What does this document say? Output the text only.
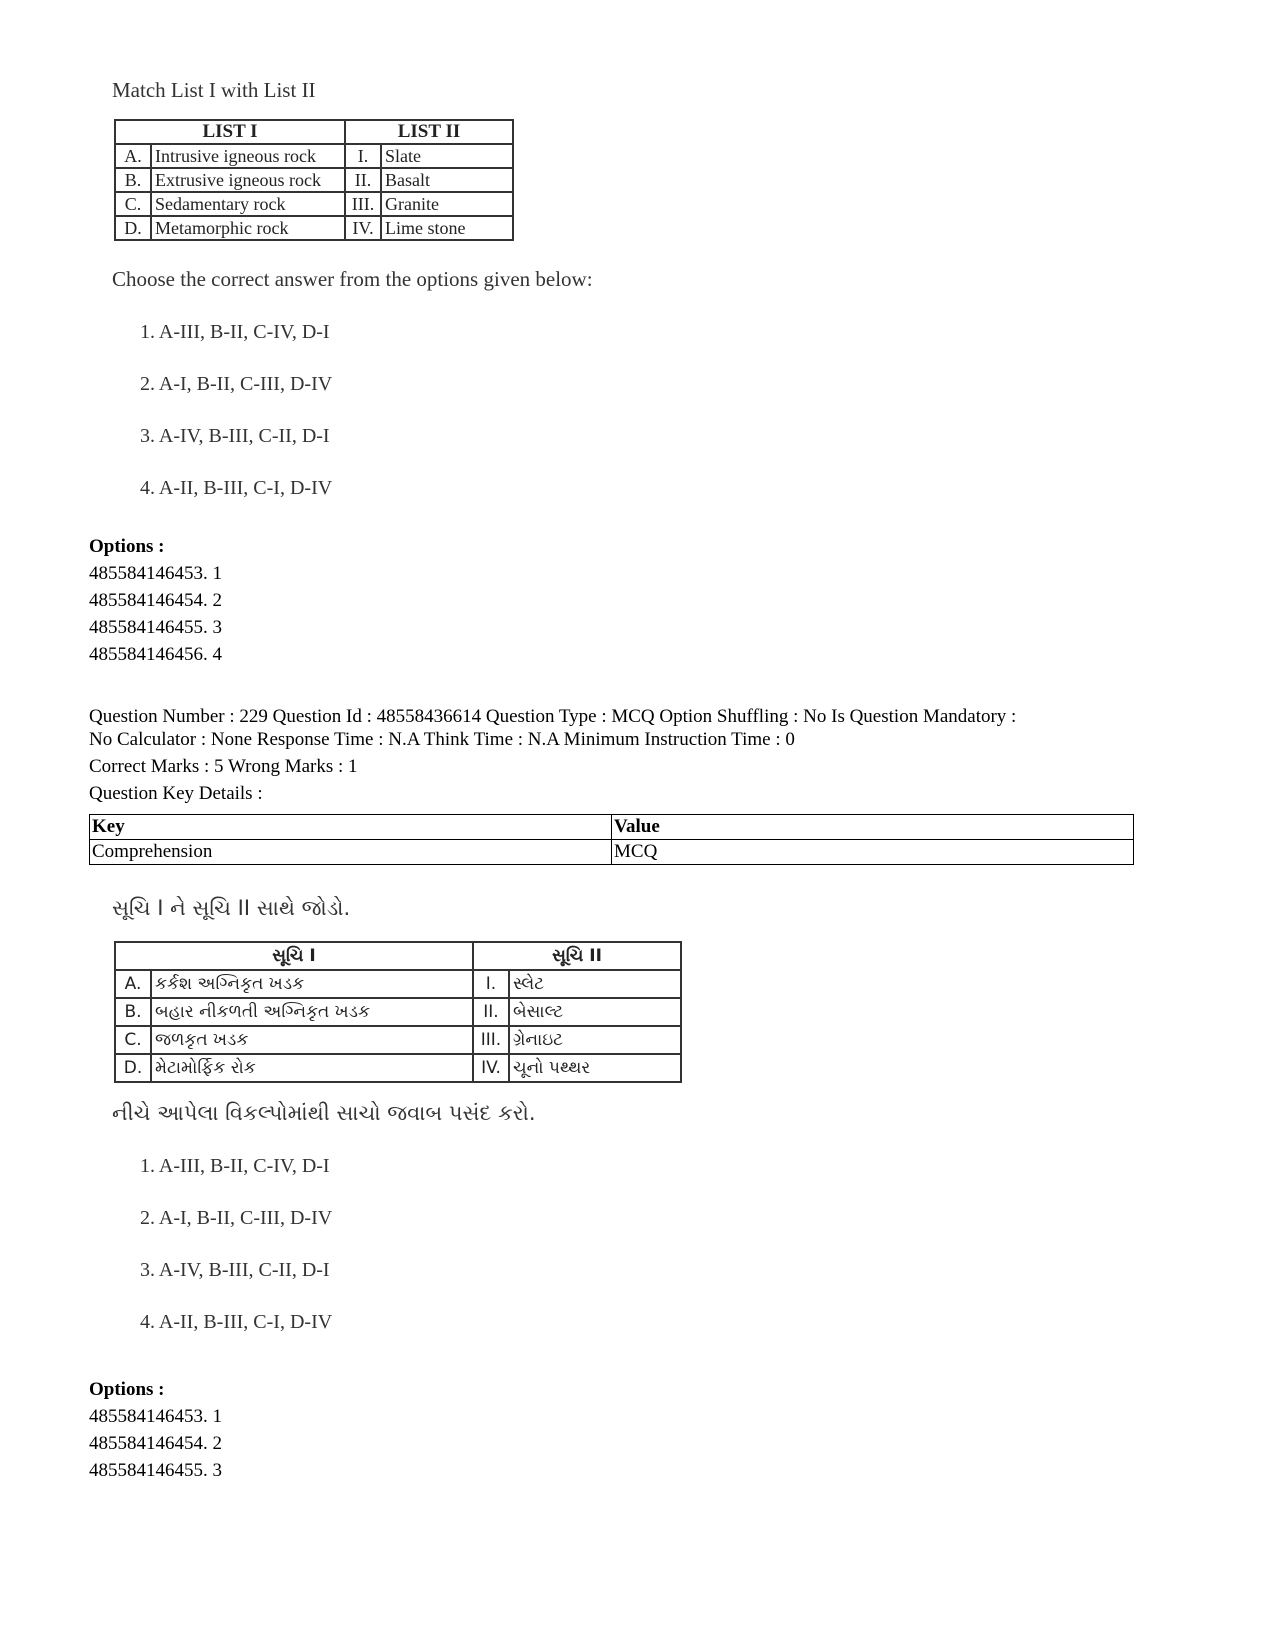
Match List I with List II
LIST I		LIST II	
A.	Intrusive igneous rock	I.	Slate
B.	Extrusive igneous rock	II.	Basalt
C.	Sedamentary rock	III.	Granite
D.	Metamorphic rock	IV.	Lime stone
Choose the correct answer from the options given below:
1. A-III, B-II, C-IV, D-I
2. A-I, B-II, C-III, D-IV
3. A-IV, B-III, C-II, D-I
4. A-II, B-III, C-I, D-IV
Options :
485584146453. 1
485584146454. 2
485584146455. 3
485584146456. 4
Question Number : 229 Question Id : 48558436614 Question Type : MCQ Option Shuffling : No Is Question Mandatory :
No Calculator : None Response Time : N.A Think Time : N.A Minimum Instruction Time : 0
Correct Marks : 5 Wrong Marks : 1
Question Key Details :
Key	Value
Comprehension	MCQ
સૂચિ I ને સૂચિ II સાથે જોડો.
સૂચિ I		સૂચિ II	
A.	કર્કશ અગ્નિકૃત ખડક	I.	સ્લેટ
B.	બહાર નીકળતી અગ્નિકૃત ખડક	II.	બેસાલ્ટ
C.	જળકૃત ખડક	III.	ગ્રેનાઇટ
D.	મેટામોર્ફિક રોક	IV.	ચૂનો પથ્થર
નીચે આપેલા વિકલ્પોમાંથી સાચો જવાબ પસંદ કરો.
1. A-III, B-II, C-IV, D-I
2. A-I, B-II, C-III, D-IV
3. A-IV, B-III, C-II, D-I
4. A-II, B-III, C-I, D-IV
Options :
485584146453. 1
485584146454. 2
485584146455. 3
